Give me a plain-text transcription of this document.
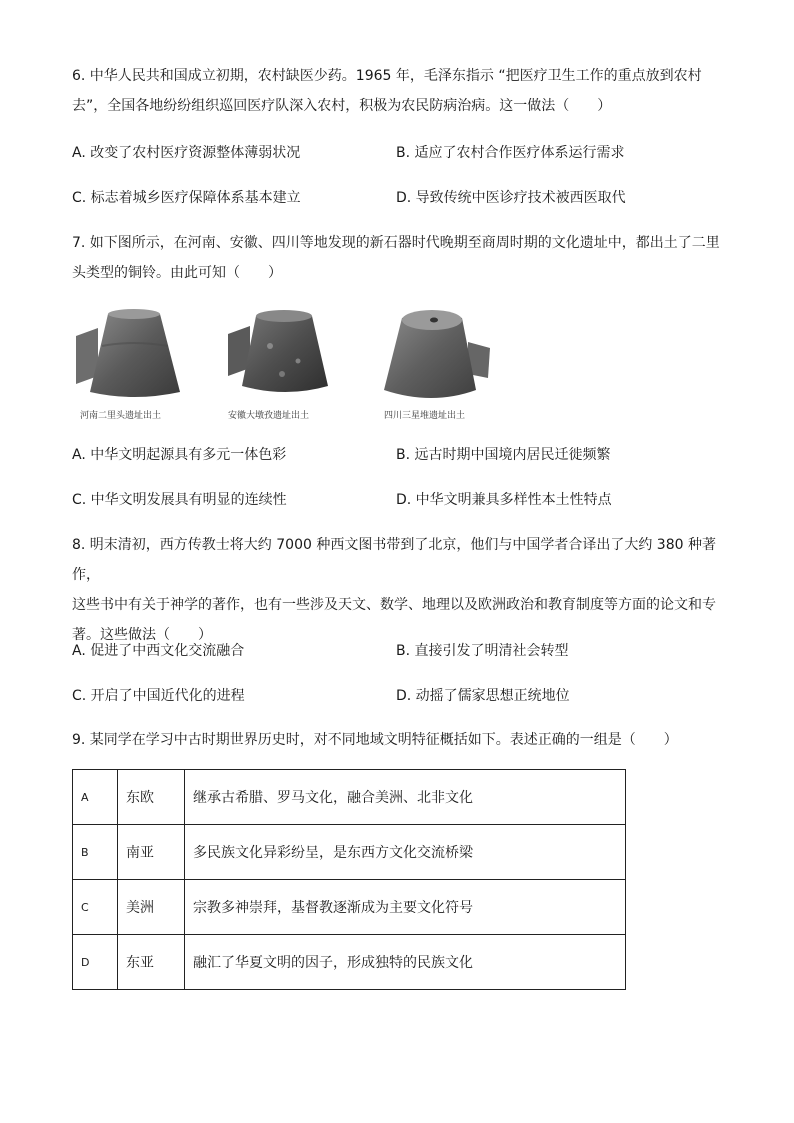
6. 中华人民共和国成立初期，农村缺医少药。1965 年，毛泽东指示 “把医疗卫生工作的重点放到农村
去”，全国各地纷纷组织巡回医疗队深入农村，积极为农民防病治病。这一做法（　　）
A. 改变了农村医疗资源整体薄弱状况	B. 适应了农村合作医疗体系运行需求
C. 标志着城乡医疗保障体系基本建立	D. 导致传统中医诊疗技术被西医取代
7. 如下图所示，在河南、安徽、四川等地发现的新石器时代晚期至商周时期的文化遗址中，都出土了二里
头类型的铜铃。由此可知（　　）
河南二里头遗址出土	安徽大墩孜遗址出土	四川三星堆遗址出土
A. 中华文明起源具有多元一体色彩	B. 远古时期中国境内居民迁徙频繁
C. 中华文明发展具有明显的连续性	D. 中华文明兼具多样性本土性特点
8. 明末清初，西方传教士将大约 7000 种西文图书带到了北京，他们与中国学者合译出了大约 380 种著作，
这些书中有关于神学的著作，也有一些涉及天文、数学、地理以及欧洲政治和教育制度等方面的论文和专
著。这些做法（　　）
A. 促进了中西文化交流融合	B. 直接引发了明清社会转型
C. 开启了中国近代化的进程	D. 动摇了儒家思想正统地位
9. 某同学在学习中古时期世界历史时，对不同地域文明特征概括如下。表述正确的一组是（　　）
A	东欧	继承古希腊、罗马文化，融合美洲、北非文化
B	南亚	多民族文化异彩纷呈，是东西方文化交流桥梁
C	美洲	宗教多神崇拜，基督教逐渐成为主要文化符号
D	东亚	融汇了华夏文明的因子，形成独特的民族文化
